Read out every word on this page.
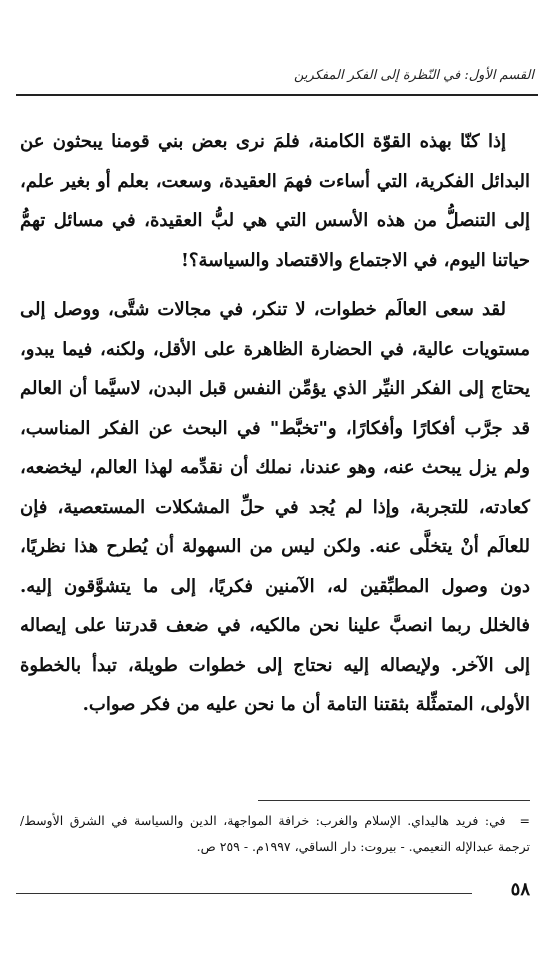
القسم الأول: في النّظرة إلى الفكر المفكرين

إذا كنّا بهذه القوّة الكامنة، فلمَ نرى بعض بني قومنا يبحثون عن البدائل الفكرية، التي أساءت فهمَ العقيدة، وسعت، بعلم أو بغير علم، إلى التنصلُّ من هذه الأسس التي هي لبُّ العقيدة، في مسائل تهمُّ حياتنا اليوم، في الاجتماع والاقتصاد والسياسة؟!

لقد سعى العالَم خطوات، لا تنكر، في مجالات شتَّى، ووصل إلى مستويات عالية، في الحضارة الظاهرة على الأقل، ولكنه، فيما يبدو، يحتاج إلى الفكر النيِّر الذي يؤمِّن النفس قبل البدن، لاسيَّما أن العالم قد جرَّب أفكارًا وأفكارًا، و"تخبَّط" في البحث عن الفكر المناسب، ولم يزل يبحث عنه، وهو عندنا، نملك أن نقدِّمه لهذا العالم، ليخضعه، كعادته، للتجربة، وإذا لم يُجد في حلِّ المشكلات المستعصية، فإن للعالَم أنْ يتخلَّى عنه. ولكن ليس من السهولة أن يُطرح هذا نظريًا، دون وصول المطبِّقين له، الآمنين فكريًا، إلى ما يتشوَّقون إليه. فالخلل ربما انصبَّ علينا نحن مالكيه، في ضعف قدرتنا على إيصاله إلى الآخر. ولإيصاله إليه نحتاج إلى خطوات طويلة، تبدأ بالخطوة الأولى، المتمثِّلة بثقتنا التامة أن ما نحن عليه من فكر صواب.

=في: فريد هاليداي. الإسلام والغرب: خرافة المواجهة، الدين والسياسة في الشرق الأوسط/ ترجمة عبدالإله النعيمي. - بيروت: دار الساقي، ١٩٩٧م. - ٢٥٩ ص.
٥٨
